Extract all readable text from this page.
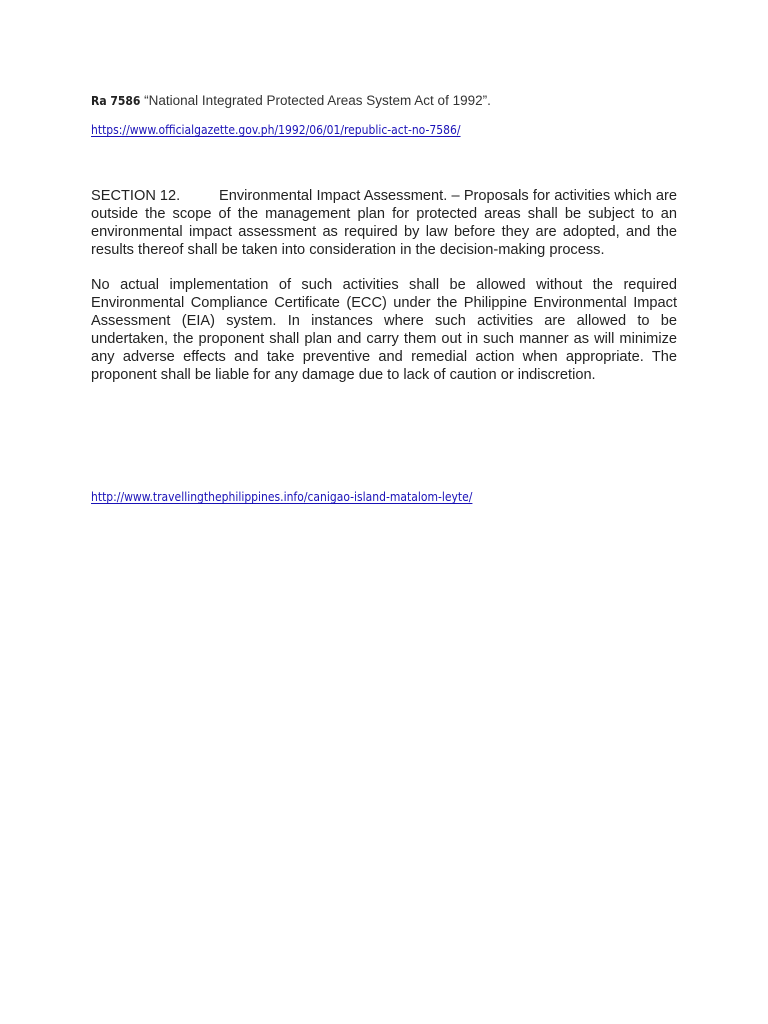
Ra 7586 “National Integrated Protected Areas System Act of 1992”.

https://www.officialgazette.gov.ph/1992/06/01/republic-act-no-7586/

SECTION 12.	Environmental Impact Assessment. – Proposals for activities which are outside the scope of the management plan for protected areas shall be subject to an environmental impact assessment as required by law before they are adopted, and the results thereof shall be taken into consideration in the decision-making process.

No actual implementation of such activities shall be allowed without the required Environmental Compliance Certificate (ECC) under the Philippine Environmental Impact Assessment (EIA) system. In instances where such activities are allowed to be undertaken, the proponent shall plan and carry them out in such manner as will minimize any adverse effects and take preventive and remedial action when appropriate. The proponent shall be liable for any damage due to lack of caution or indiscretion.

http://www.travellingthephilippines.info/canigao-island-matalom-leyte/
